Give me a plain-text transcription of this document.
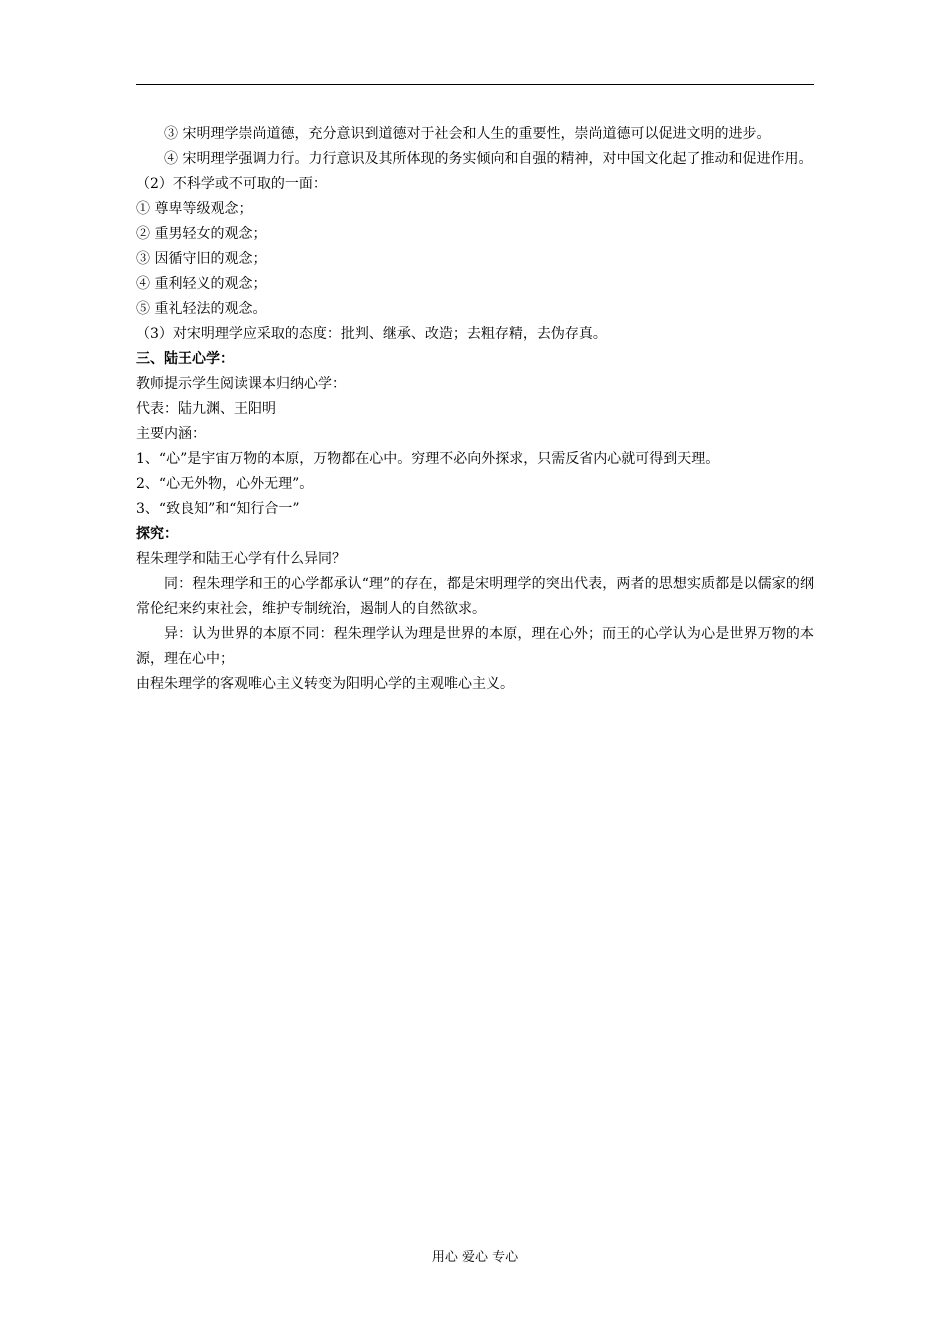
③ 宋明理学崇尚道德，充分意识到道德对于社会和人生的重要性，崇尚道德可以促进文明的进步。

④ 宋明理学强调力行。力行意识及其所体现的务实倾向和自强的精神，对中国文化起了推动和促进作用。

（2）不科学或不可取的一面：

① 尊卑等级观念；

② 重男轻女的观念；

③ 因循守旧的观念；

④ 重利轻义的观念；

⑤ 重礼轻法的观念。

（3）对宋明理学应采取的态度：批判、继承、改造；去粗存精，去伪存真。

三、陆王心学：

教师提示学生阅读课本归纳心学：

代表：陆九渊、王阳明

主要内涵：

1、“心”是宇宙万物的本原，万物都在心中。穷理不必向外探求，只需反省内心就可得到天理。

2、“心无外物，心外无理”。

3、“致良知”和“知行合一”

探究：

程朱理学和陆王心学有什么异同？

同：程朱理学和王的心学都承认“理”的存在，都是宋明理学的突出代表，两者的思想实质都是以儒家的纲常伦纪来约束社会，维护专制统治，遏制人的自然欲求。

异：认为世界的本原不同：程朱理学认为理是世界的本原，理在心外；而王的心学认为心是世界万物的本源，理在心中；

由程朱理学的客观唯心主义转变为阳明心学的主观唯心主义。

用心 爱心 专心
